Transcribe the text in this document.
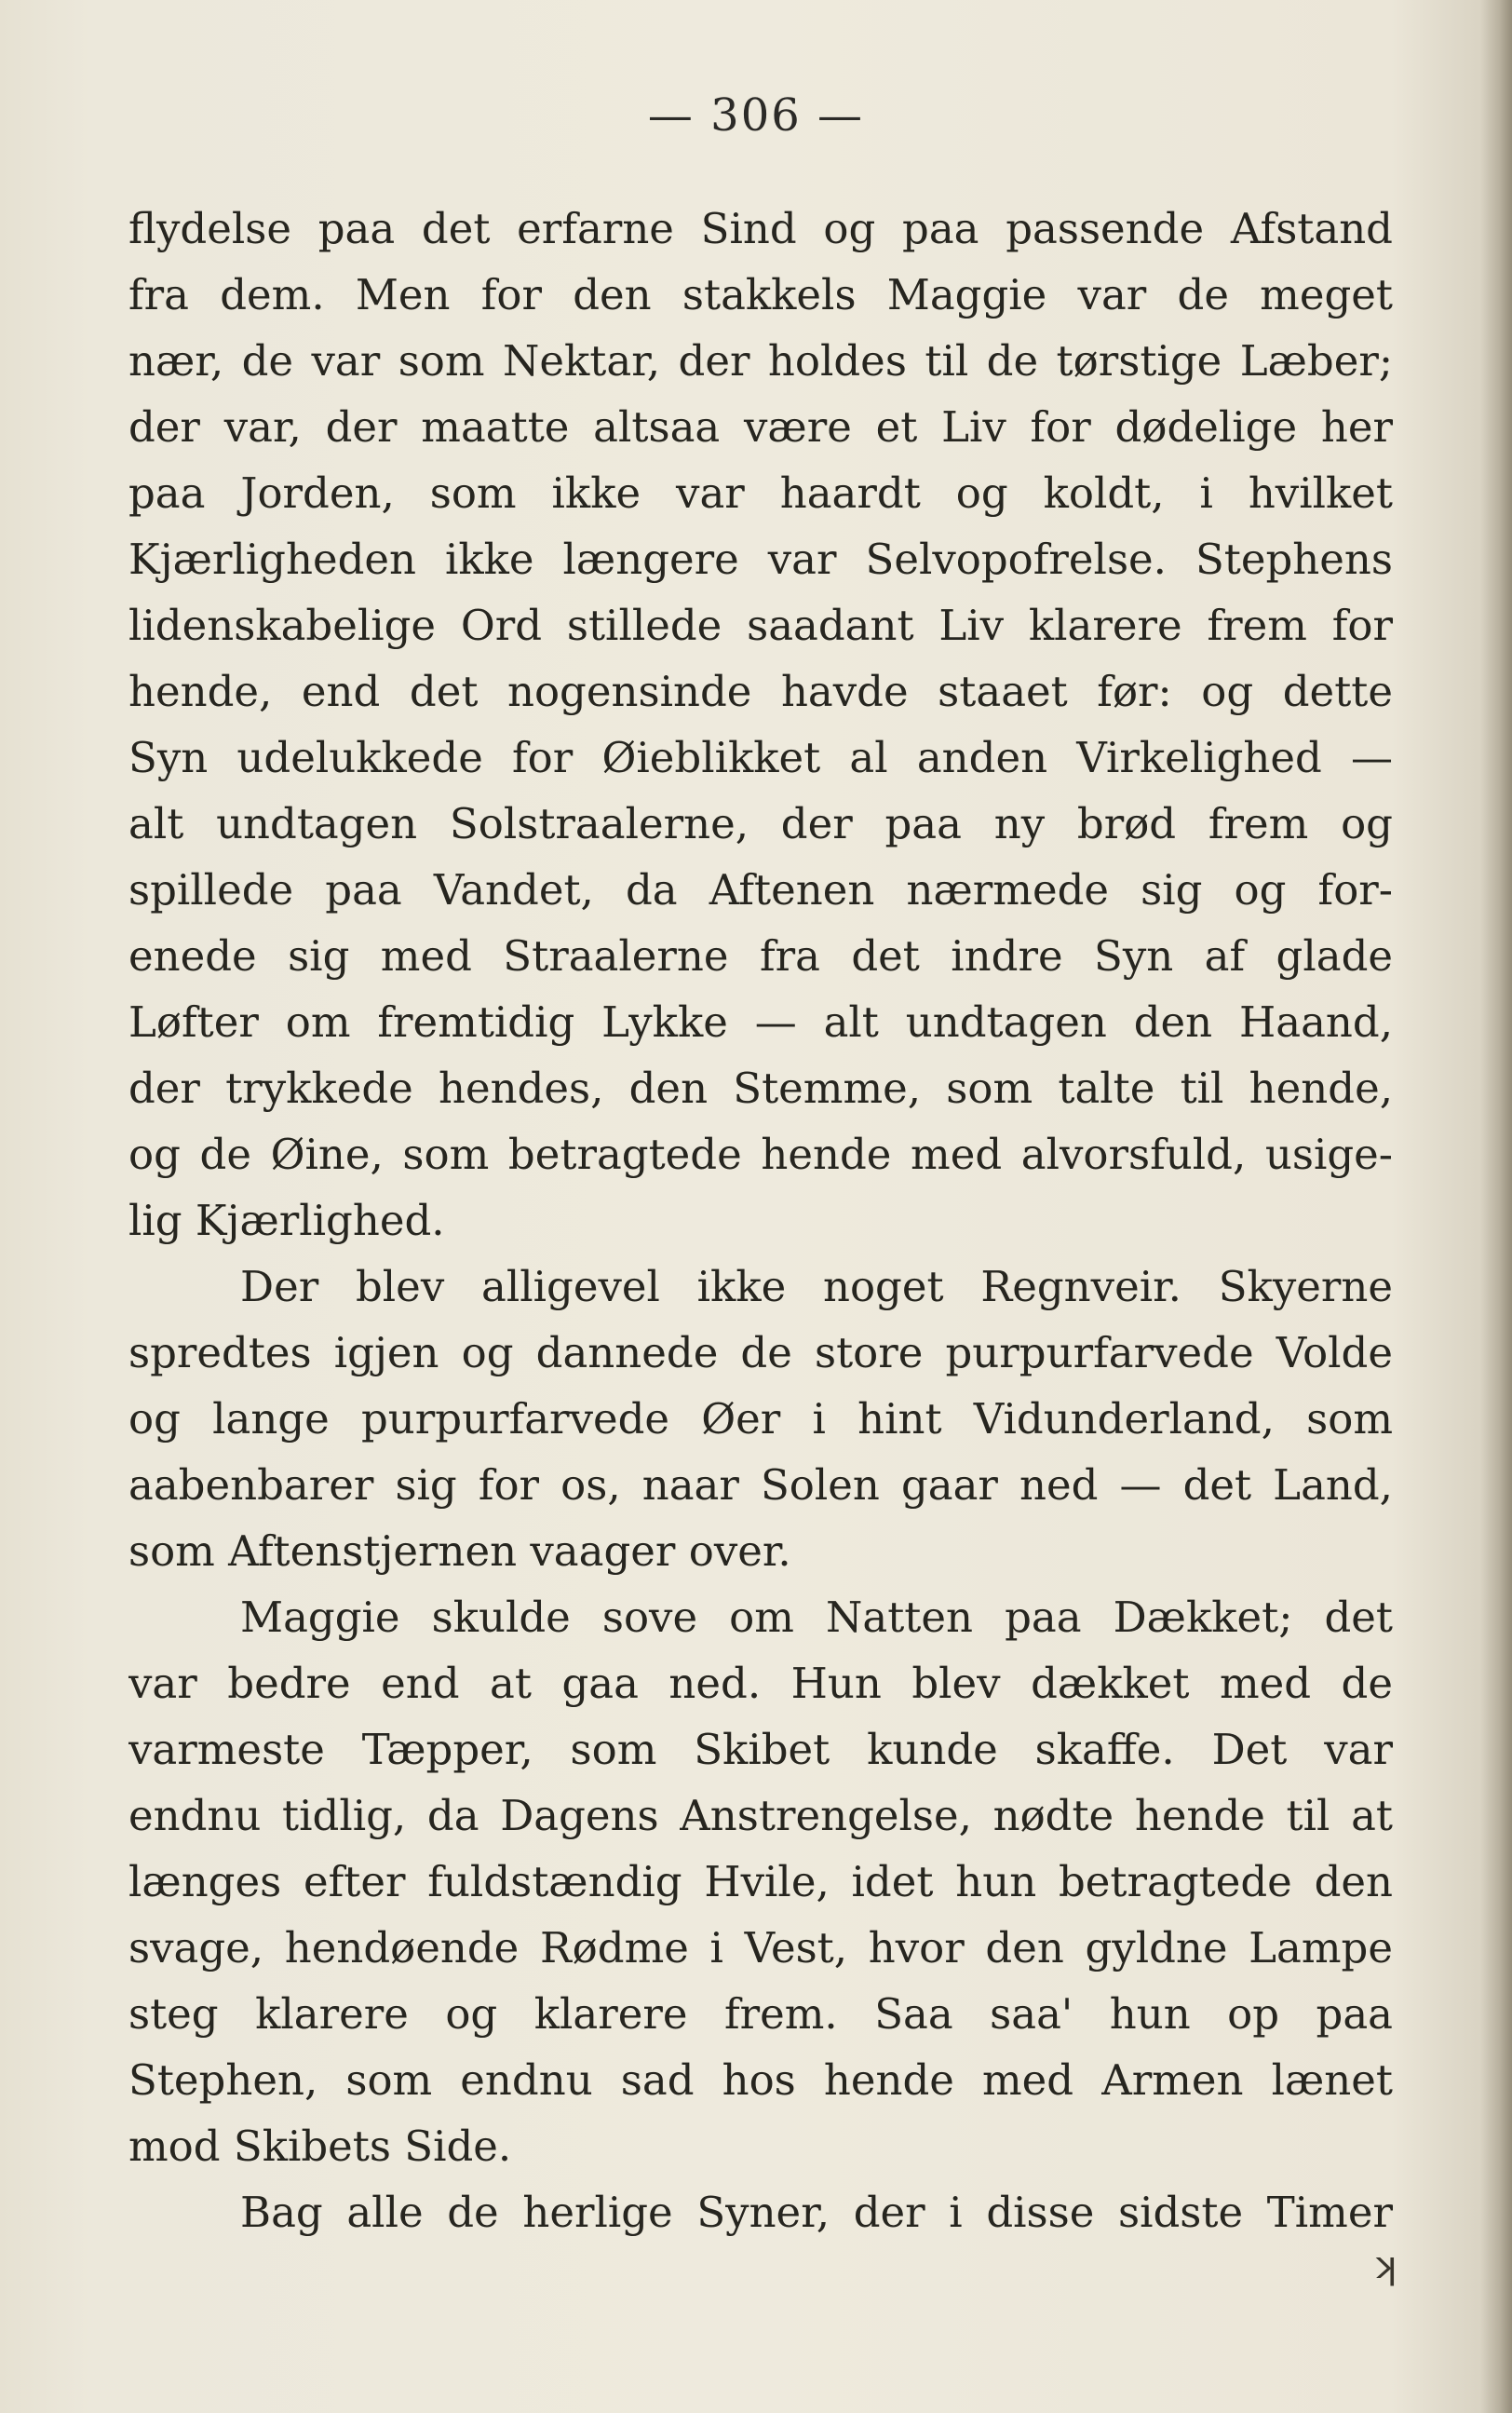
— 306 —
flydelse paa det erfarne Sind og paa passende Afstand
fra dem. Men for den stakkels Maggie var de meget
nær, de var som Nektar, der holdes til de tørstige Læber;
der var, der maatte altsaa være et Liv for dødelige her
paa Jorden, som ikke var haardt og koldt, i hvilket
Kjærligheden ikke længere var Selvopofrelse. Stephens
lidenskabelige Ord stillede saadant Liv klarere frem for
hende, end det nogensinde havde staaet før: og dette
Syn udelukkede for Øieblikket al anden Virkelighed —
alt undtagen Solstraalerne, der paa ny brød frem og
spillede paa Vandet, da Aftenen nærmede sig og for-
enede sig med Straalerne fra det indre Syn af glade
Løfter om fremtidig Lykke — alt undtagen den Haand,
der trykkede hendes, den Stemme, som talte til hende,
og de Øine, som betragtede hende med alvorsfuld, usige-
lig Kjærlighed.
Der blev alligevel ikke noget Regnveir. Skyerne
spredtes igjen og dannede de store purpurfarvede Volde
og lange purpurfarvede Øer i hint Vidunderland, som
aabenbarer sig for os, naar Solen gaar ned — det Land,
som Aftenstjernen vaager over.
Maggie skulde sove om Natten paa Dækket; det
var bedre end at gaa ned. Hun blev dækket med de
varmeste Tæpper, som Skibet kunde skaffe. Det var
endnu tidlig, da Dagens Anstrengelse, nødte hende til at
længes efter fuldstændig Hvile, idet hun betragtede den
svage, hendøende Rødme i Vest, hvor den gyldne Lampe
steg klarere og klarere frem. Saa saa' hun op paa
Stephen, som endnu sad hos hende med Armen lænet
mod Skibets Side.
Bag alle de herlige Syner, der i disse sidste Timer
ʞ
